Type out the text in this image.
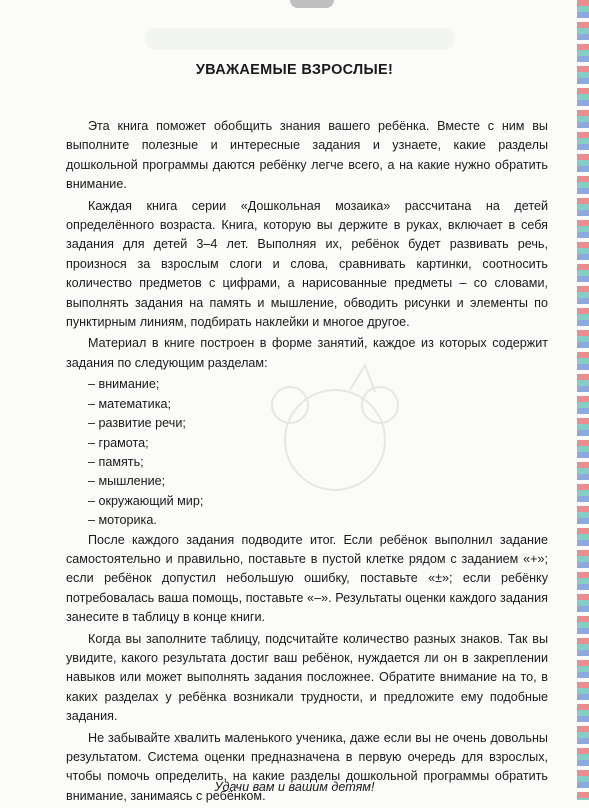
УВАЖАЕМЫЕ ВЗРОСЛЫЕ!

Эта книга поможет обобщить знания вашего ребёнка. Вместе с ним вы выполните полезные и интересные задания и узнаете, какие разделы дошкольной программы даются ребёнку легче всего, а на какие нужно обратить внимание.

Каждая книга серии «Дошкольная мозаика» рассчитана на детей определённого возраста. Книга, которую вы держите в руках, включает в себя задания для детей 3–4 лет. Выполняя их, ребёнок будет развивать речь, произнося за взрослым слоги и слова, сравнивать картинки, соотносить количество предметов с цифрами, а нарисованные предметы – со словами, выполнять задания на память и мышление, обводить рисунки и элементы по пунктирным линиям, подбирать наклейки и многое другое.

Материал в книге построен в форме занятий, каждое из которых содержит задания по следующим разделам:

– внимание;
– математика;
– развитие речи;
– грамота;
– память;
– мышление;
– окружающий мир;
– моторика.

После каждого задания подводите итог. Если ребёнок выполнил задание самостоятельно и правильно, поставьте в пустой клетке рядом с заданием «+»; если ребёнок допустил небольшую ошибку, поставьте «±»; если ребёнку потребовалась ваша помощь, поставьте «–». Результаты оценки каждого задания занесите в таблицу в конце книги.

Когда вы заполните таблицу, подсчитайте количество разных знаков. Так вы увидите, какого результата достиг ваш ребёнок, нуждается ли он в закреплении навыков или может выполнять задания посложнее. Обратите внимание на то, в каких разделах у ребёнка возникали трудности, и предложите ему подобные задания.

Не забывайте хвалить маленького ученика, даже если вы не очень довольны результатом. Система оценки предназначена в первую очередь для взрослых, чтобы помочь определить, на какие разделы дошкольной программы обратить внимание, занимаясь с ребёнком.

Удачи вам и вашим детям!
